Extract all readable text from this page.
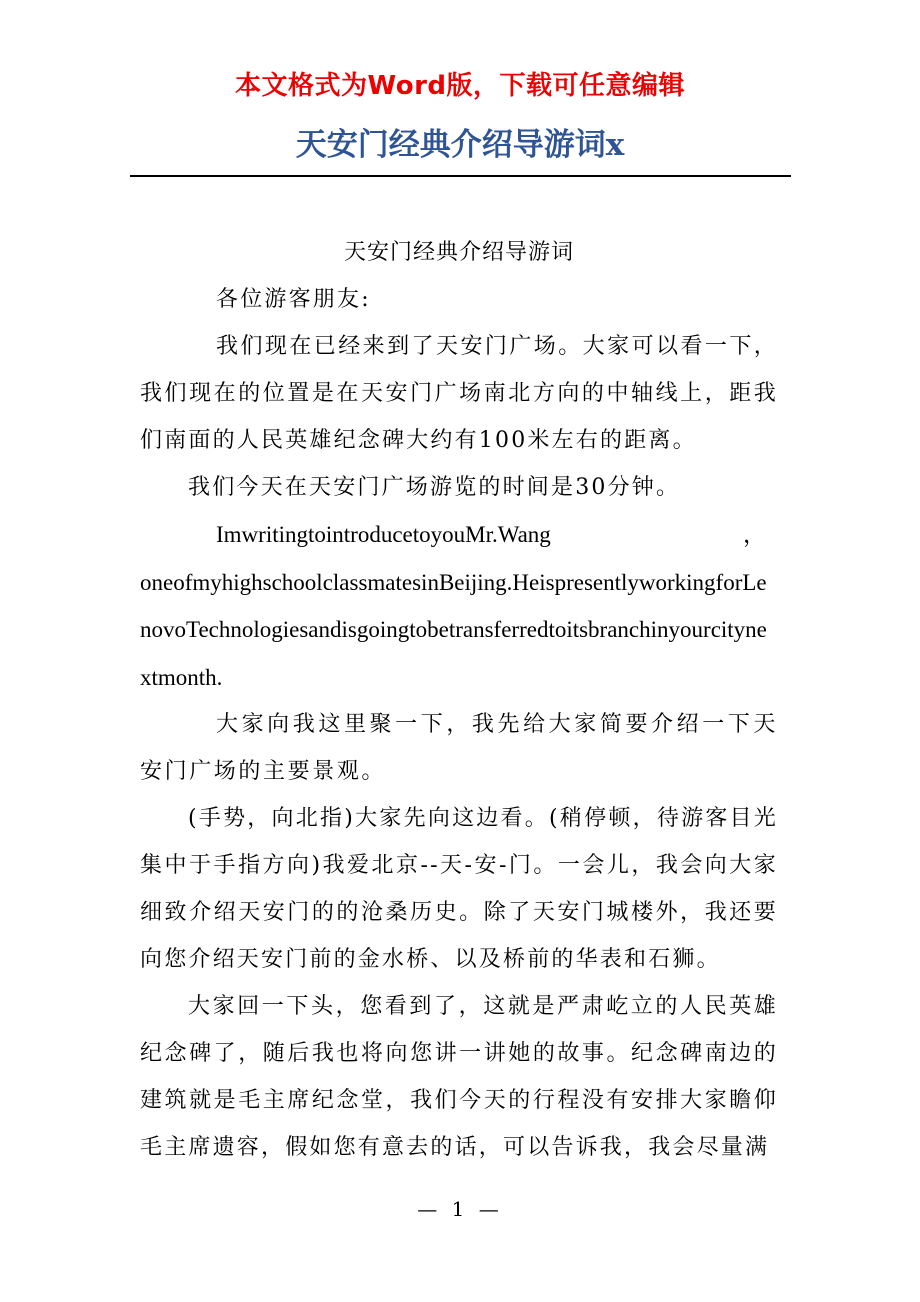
本文格式为Word版，下载可任意编辑
天安门经典介绍导游词x

天安门经典介绍导游词

各位游客朋友:

我们现在已经来到了天安门广场。大家可以看一下，我们现在的位置是在天安门广场南北方向的中轴线上，距我们南面的人民英雄纪念碑大约有100米左右的距离。

我们今天在天安门广场游览的时间是30分钟。

ImwritingtointroducetoyouMr.Wang	，

oneofmyhighschoolclassmatesinBeijing.HeispresentlyworkingforLenovoTechnologiesandisgoingtobetransferredtoitsbranchinyourcitynextmonth.

大家向我这里聚一下，我先给大家简要介绍一下天安门广场的主要景观。

(手势，向北指)大家先向这边看。(稍停顿，待游客目光集中于手指方向)我爱北京--天-安-门。一会儿，我会向大家细致介绍天安门的的沧桑历史。除了天安门城楼外，我还要向您介绍天安门前的金水桥、以及桥前的华表和石狮。

大家回一下头，您看到了，这就是严肃屹立的人民英雄纪念碑了，随后我也将向您讲一讲她的故事。纪念碑南边的建筑就是毛主席纪念堂，我们今天的行程没有安排大家瞻仰毛主席遗容，假如您有意去的话，可以告诉我，我会尽量满

— 1 —
